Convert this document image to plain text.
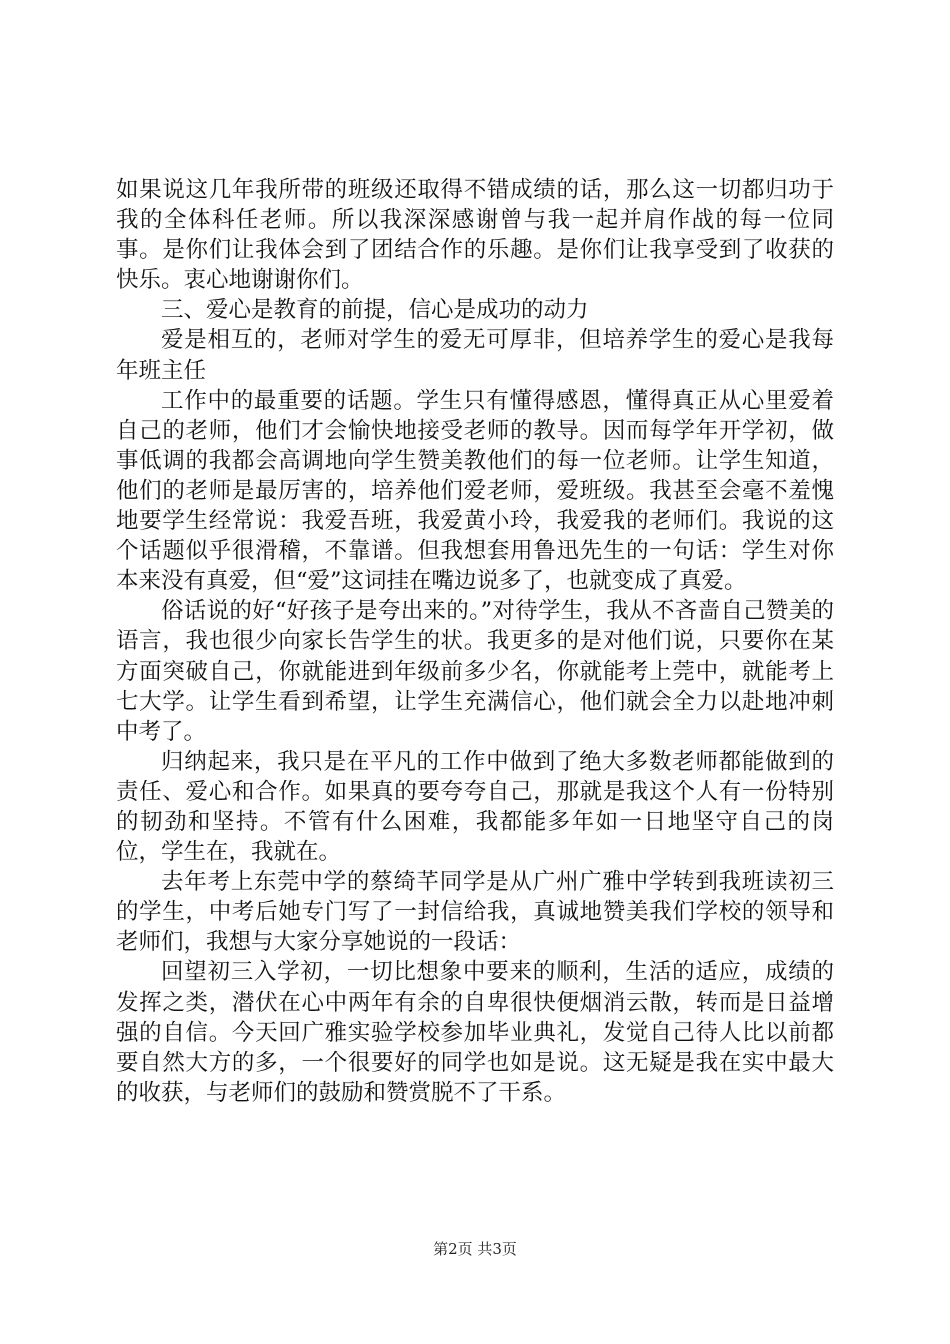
如果说这几年我所带的班级还取得不错成绩的话，那么这一切都归功于我的全体科任老师。所以我深深感谢曾与我一起并肩作战的每一位同事。是你们让我体会到了团结合作的乐趣。是你们让我享受到了收获的快乐。衷心地谢谢你们。

三、爱心是教育的前提，信心是成功的动力

爱是相互的，老师对学生的爱无可厚非，但培养学生的爱心是我每年班主任

工作中的最重要的话题。学生只有懂得感恩，懂得真正从心里爱着自己的老师，他们才会愉快地接受老师的教导。因而每学年开学初，做事低调的我都会高调地向学生赞美教他们的每一位老师。让学生知道，他们的老师是最厉害的，培养他们爱老师，爱班级。我甚至会毫不羞愧地要学生经常说：我爱吾班，我爱黄小玲，我爱我的老师们。我说的这个话题似乎很滑稽，不靠谱。但我想套用鲁迅先生的一句话：学生对你本来没有真爱，但“爱”这词挂在嘴边说多了，也就变成了真爱。

俗话说的好“好孩子是夸出来的。”对待学生，我从不吝啬自己赞美的语言，我也很少向家长告学生的状。我更多的是对他们说，只要你在某方面突破自己，你就能进到年级前多少名，你就能考上莞中，就能考上七大学。让学生看到希望，让学生充满信心，他们就会全力以赴地冲刺中考了。

归纳起来，我只是在平凡的工作中做到了绝大多数老师都能做到的责任、爱心和合作。如果真的要夸夸自己，那就是我这个人有一份特别的韧劲和坚持。不管有什么困难，我都能多年如一日地坚守自己的岗位，学生在，我就在。

去年考上东莞中学的蔡绮芊同学是从广州广雅中学转到我班读初三的学生，中考后她专门写了一封信给我，真诚地赞美我们学校的领导和老师们，我想与大家分享她说的一段话：

回望初三入学初，一切比想象中要来的顺利，生活的适应，成绩的发挥之类，潜伏在心中两年有余的自卑很快便烟消云散，转而是日益增强的自信。今天回广雅实验学校参加毕业典礼，发觉自己待人比以前都要自然大方的多，一个很要好的同学也如是说。这无疑是我在实中最大的收获，与老师们的鼓励和赞赏脱不了干系。

第2页 共3页
